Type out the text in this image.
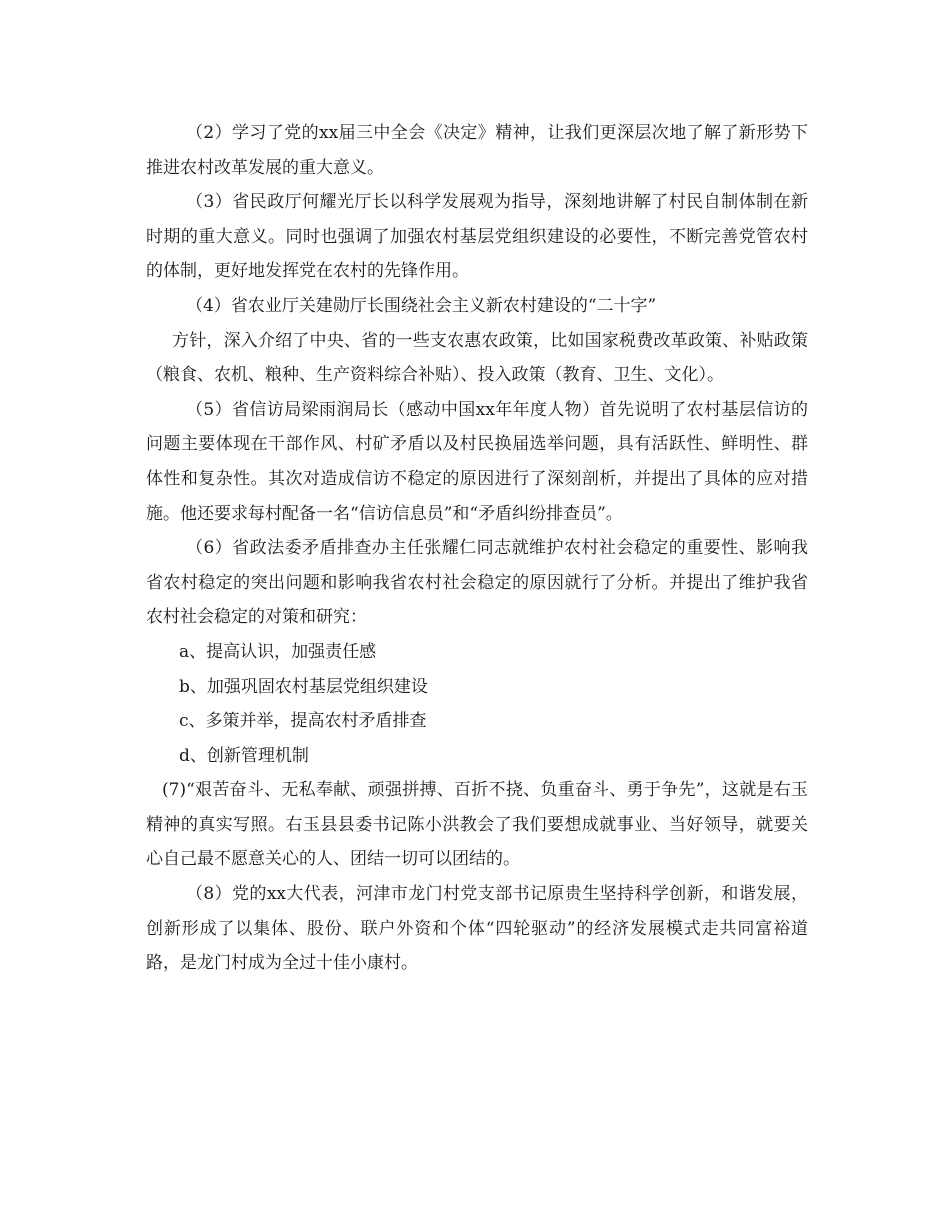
（2）学习了党的xx届三中全会《决定》精神，让我们更深层次地了解了新形势下推进农村改革发展的重大意义。

（3）省民政厅何耀光厅长以科学发展观为指导，深刻地讲解了村民自制体制在新时期的重大意义。同时也强调了加强农村基层党组织建设的必要性，不断完善党管农村的体制，更好地发挥党在农村的先锋作用。

（4）省农业厅关建勋厅长围绕社会主义新农村建设的“二十字”

方针，深入介绍了中央、省的一些支农惠农政策，比如国家税费改革政策、补贴政策（粮食、农机、粮种、生产资料综合补贴）、投入政策（教育、卫生、文化）。

（5）省信访局梁雨润局长（感动中国xx年年度人物）首先说明了农村基层信访的问题主要体现在干部作风、村矿矛盾以及村民换届选举问题，具有活跃性、鲜明性、群体性和复杂性。其次对造成信访不稳定的原因进行了深刻剖析，并提出了具体的应对措施。他还要求每村配备一名“信访信息员”和“矛盾纠纷排查员”。

（6）省政法委矛盾排查办主任张耀仁同志就维护农村社会稳定的重要性、影响我省农村稳定的突出问题和影响我省农村社会稳定的原因就行了分析。并提出了维护我省农村社会稳定的对策和研究：

a、提高认识，加强责任感

b、加强巩固农村基层党组织建设

c、多策并举，提高农村矛盾排查

d、创新管理机制

(7)“艰苦奋斗、无私奉献、顽强拼搏、百折不挠、负重奋斗、勇于争先”，这就是右玉精神的真实写照。右玉县县委书记陈小洪教会了我们要想成就事业、当好领导，就要关心自己最不愿意关心的人、团结一切可以团结的。

（8）党的xx大代表，河津市龙门村党支部书记原贵生坚持科学创新，和谐发展，创新形成了以集体、股份、联户外资和个体“四轮驱动”的经济发展模式走共同富裕道路，是龙门村成为全过十佳小康村。
